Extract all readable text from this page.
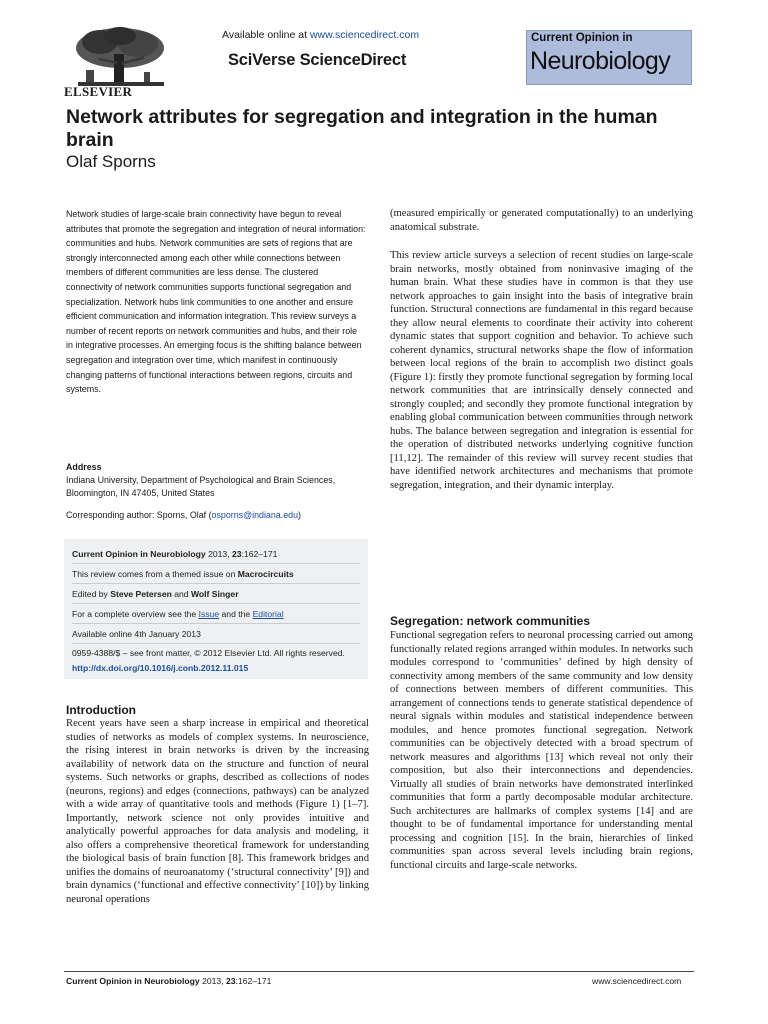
ELSEVIER
Available online at www.sciencedirect.com
SciVerse ScienceDirect
Current Opinion in
Neurobiology
Network attributes for segregation and integration in the human brain
Olaf Sporns

Network studies of large-scale brain connectivity have begun to reveal attributes that promote the segregation and integration of neural information: communities and hubs. Network communities are sets of regions that are strongly interconnected among each other while connections between members of different communities are less dense. The clustered connectivity of network communities supports functional segregation and specialization. Network hubs link communities to one another and ensure efficient communication and information integration. This review surveys a number of recent reports on network communities and hubs, and their role in integrative processes. An emerging focus is the shifting balance between segregation and integration over time, which manifest in continuously changing patterns of functional interactions between regions, circuits and systems.

Address
Indiana University, Department of Psychological and Brain Sciences, Bloomington, IN 47405, United States
Corresponding author: Sporns, Olaf (osporns@indiana.edu)
Current Opinion in Neurobiology 2013, 23:162–171
This review comes from a themed issue on Macrocircuits
Edited by Steve Petersen and Wolf Singer
For a complete overview see the Issue and the Editorial
Available online 4th January 2013
0959-4388/$ – see front matter, © 2012 Elsevier Ltd. All rights reserved.
http://dx.doi.org/10.1016/j.conb.2012.11.015
Introduction

Recent years have seen a sharp increase in empirical and theoretical studies of networks as models of complex systems. In neuroscience, the rising interest in brain networks is driven by the increasing availability of network data on the structure and function of neural systems. Such networks or graphs, described as collections of nodes (neurons, regions) and edges (connections, pathways) can be analyzed with a wide array of quantitative tools and methods (Figure 1) [1–7]. Importantly, network science not only provides intuitive and analytically powerful approaches for data analysis and modeling, it also offers a comprehensive theoretical framework for understanding the biological basis of brain function [8]. This framework bridges and unifies the domains of neuroanatomy (‘structural connectivity’ [9]) and brain dynamics (‘functional and effective connectivity’ [10]) by linking neuronal operations

(measured empirically or generated computationally) to an underlying anatomical substrate.

This review article surveys a selection of recent studies on large-scale brain networks, mostly obtained from noninvasive imaging of the human brain. What these studies have in common is that they use network approaches to gain insight into the basis of integrative brain function. Structural connections are fundamental in this regard because they allow neural elements to coordinate their activity into coherent dynamic states that support cognition and behavior. To achieve such coherent dynamics, structural networks shape the flow of information between local regions of the brain to accomplish two distinct goals (Figure 1): firstly they promote functional segregation by forming local network communities that are intrinsically densely connected and strongly coupled; and secondly they promote functional integration by enabling global communication between communities through network hubs. The balance between segregation and integration is essential for the operation of distributed networks underlying cognitive function [11,12]. The remainder of this review will survey recent studies that have identified network architectures and mechanisms that promote segregation, integration, and their dynamic interplay.

Segregation: network communities

Functional segregation refers to neuronal processing carried out among functionally related regions arranged within modules. In networks such modules correspond to ‘communities’ defined by high density of connectivity among members of the same community and low density of connections between members of different communities. This arrangement of connections tends to generate statistical dependence of neural signals within modules and statistical independence between modules, and hence promotes functional segregation. Network communities can be objectively detected with a broad spectrum of network measures and algorithms [13] which reveal not only their composition, but also their interconnections and dependencies. Virtually all studies of brain networks have demonstrated interlinked communities that form a partly decomposable modular architecture. Such architectures are hallmarks of complex systems [14] and are thought to be of fundamental importance for understanding mental processing and cognition [15]. In the brain, hierarchies of linked communities span across several levels including brain regions, functional circuits and large-scale networks.

Current Opinion in Neurobiology 2013, 23:162–171	www.sciencedirect.com
